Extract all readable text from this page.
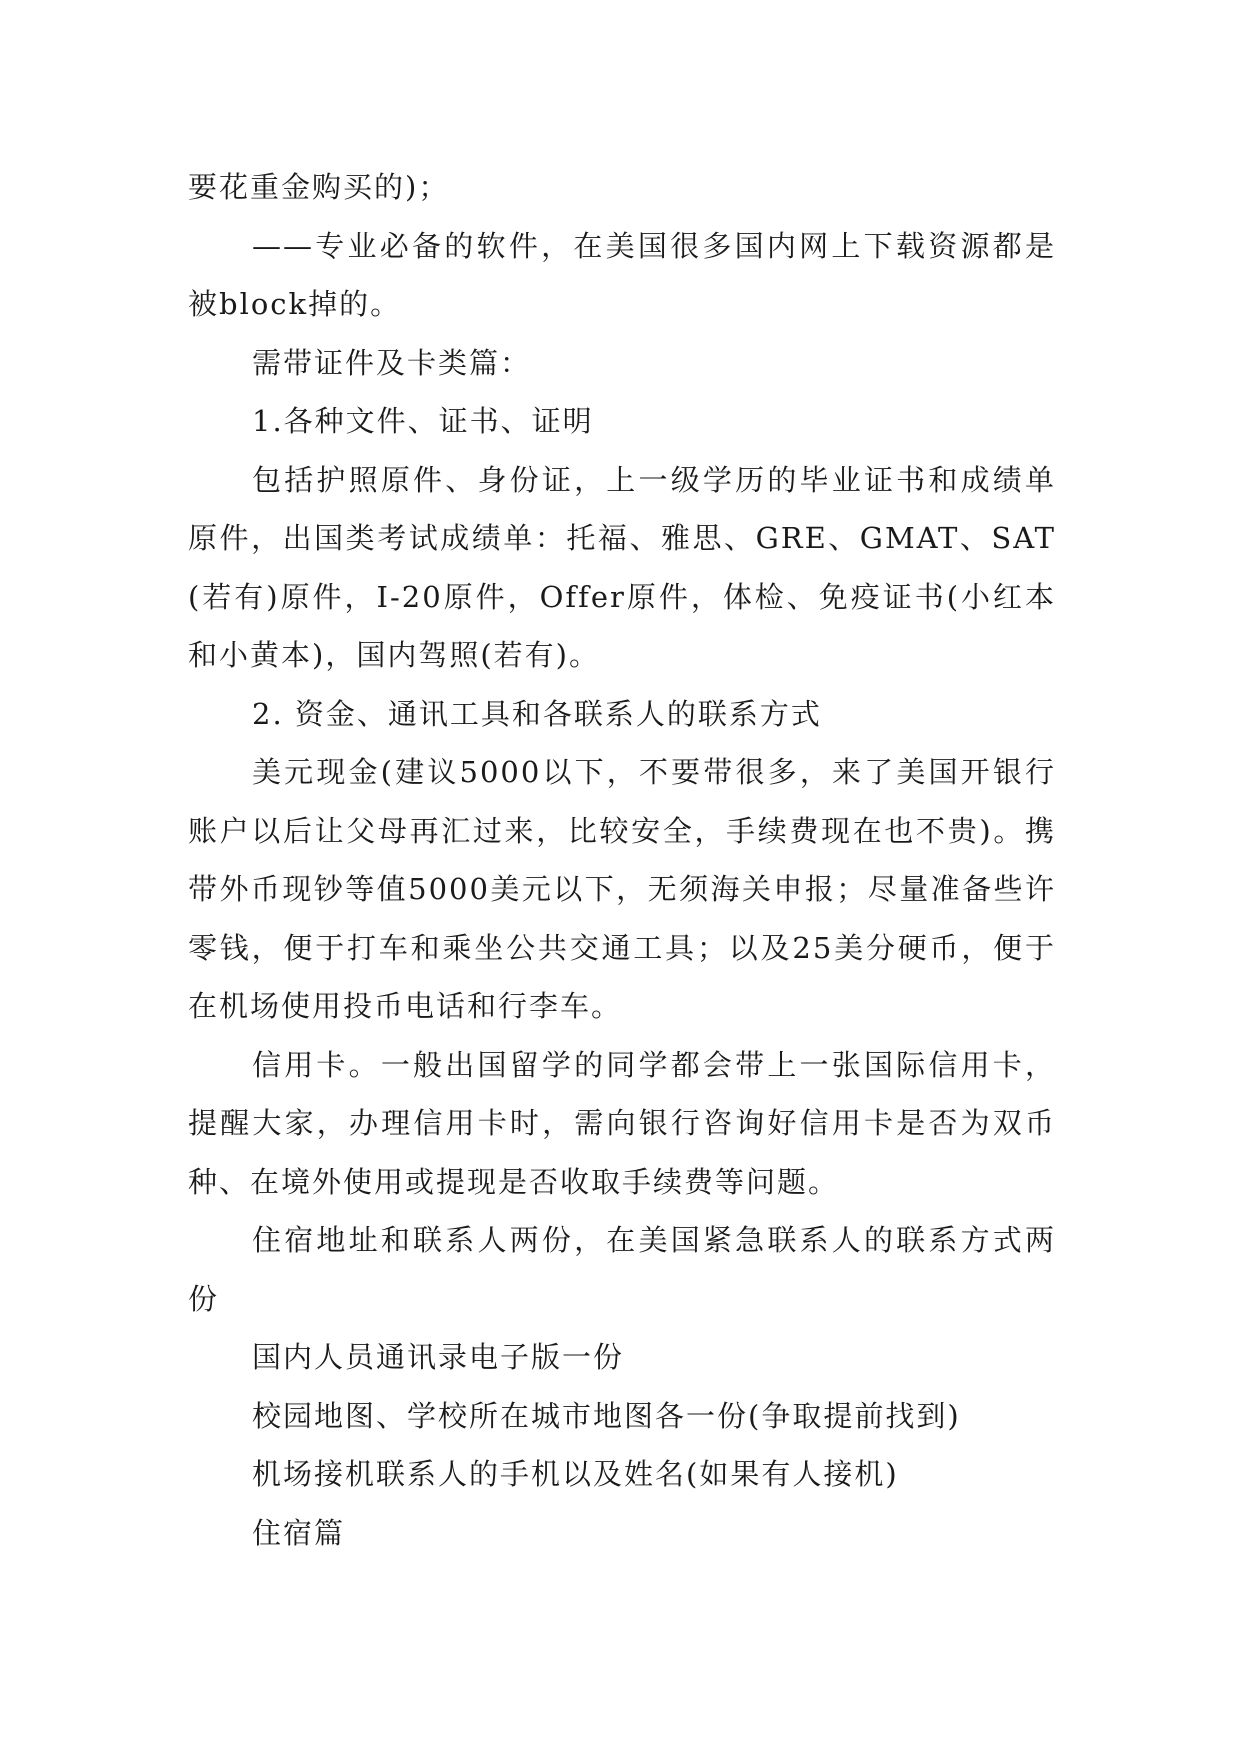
要花重金购买的)；

——专业必备的软件，在美国很多国内网上下载资源都是被block掉的。

需带证件及卡类篇：

1.各种文件、证书、证明

包括护照原件、身份证，上一级学历的毕业证书和成绩单原件，出国类考试成绩单：托福、雅思、GRE、GMAT、SAT(若有)原件，I-20原件，Offer原件，体检、免疫证书(小红本和小黄本)，国内驾照(若有)。

2. 资金、通讯工具和各联系人的联系方式

美元现金(建议5000以下，不要带很多，来了美国开银行账户以后让父母再汇过来，比较安全，手续费现在也不贵)。携带外币现钞等值5000美元以下，无须海关申报；尽量准备些许零钱，便于打车和乘坐公共交通工具；以及25美分硬币，便于在机场使用投币电话和行李车。

信用卡。一般出国留学的同学都会带上一张国际信用卡，提醒大家，办理信用卡时，需向银行咨询好信用卡是否为双币种、在境外使用或提现是否收取手续费等问题。

住宿地址和联系人两份，在美国紧急联系人的联系方式两份

国内人员通讯录电子版一份

校园地图、学校所在城市地图各一份(争取提前找到)

机场接机联系人的手机以及姓名(如果有人接机)

住宿篇
